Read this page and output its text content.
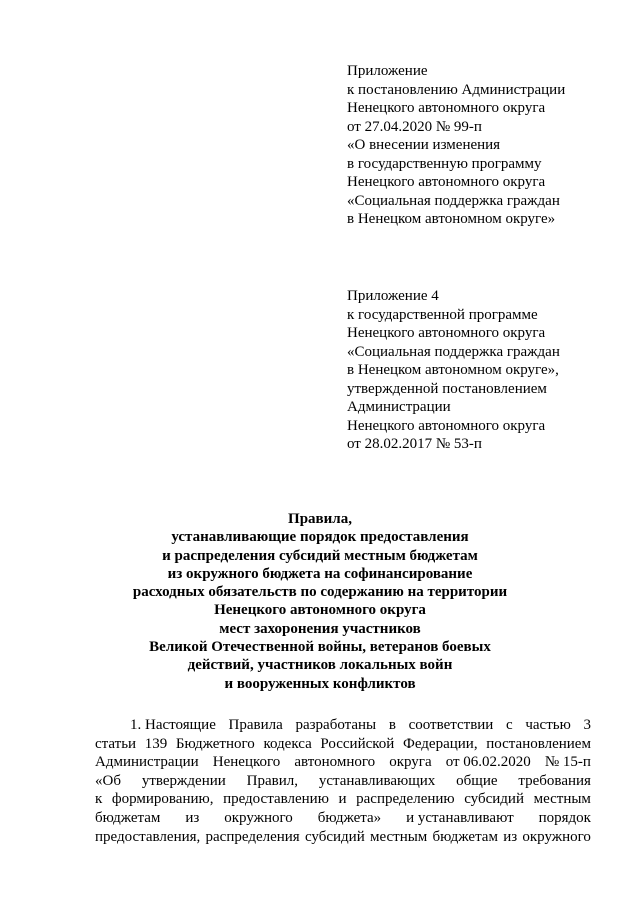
Приложение
к постановлению Администрации
Ненецкого автономного округа
от 27.04.2020 № 99-п
«О внесении изменения
в государственную программу
Ненецкого автономного округа
«Социальная поддержка граждан
в Ненецком автономном округе»
Приложение 4
к государственной программе
Ненецкого автономного округа
«Социальная поддержка граждан
в Ненецком автономном округе»,
утвержденной постановлением
Администрации
Ненецкого автономного округа
от 28.02.2017 № 53-п
Правила,
устанавливающие порядок предоставления
и распределения субсидий местным бюджетам
из окружного бюджета на софинансирование
расходных обязательств по содержанию на территории
Ненецкого автономного округа
мест захоронения участников
Великой Отечественной войны, ветеранов боевых
действий, участников локальных войн
и вооруженных конфликтов
1. Настоящие Правила разработаны в соответствии с частью 3
статьи 139 Бюджетного кодекса Российской Федерации, постановлением
Администрации Ненецкого автономного округа от 06.02.2020 № 15-п
«Об утверждении Правил, устанавливающих общие требования
к формированию, предоставлению и распределению субсидий местным
бюджетам из окружного бюджета» и устанавливают порядок
предоставления, распределения субсидий местным бюджетам из окружного
